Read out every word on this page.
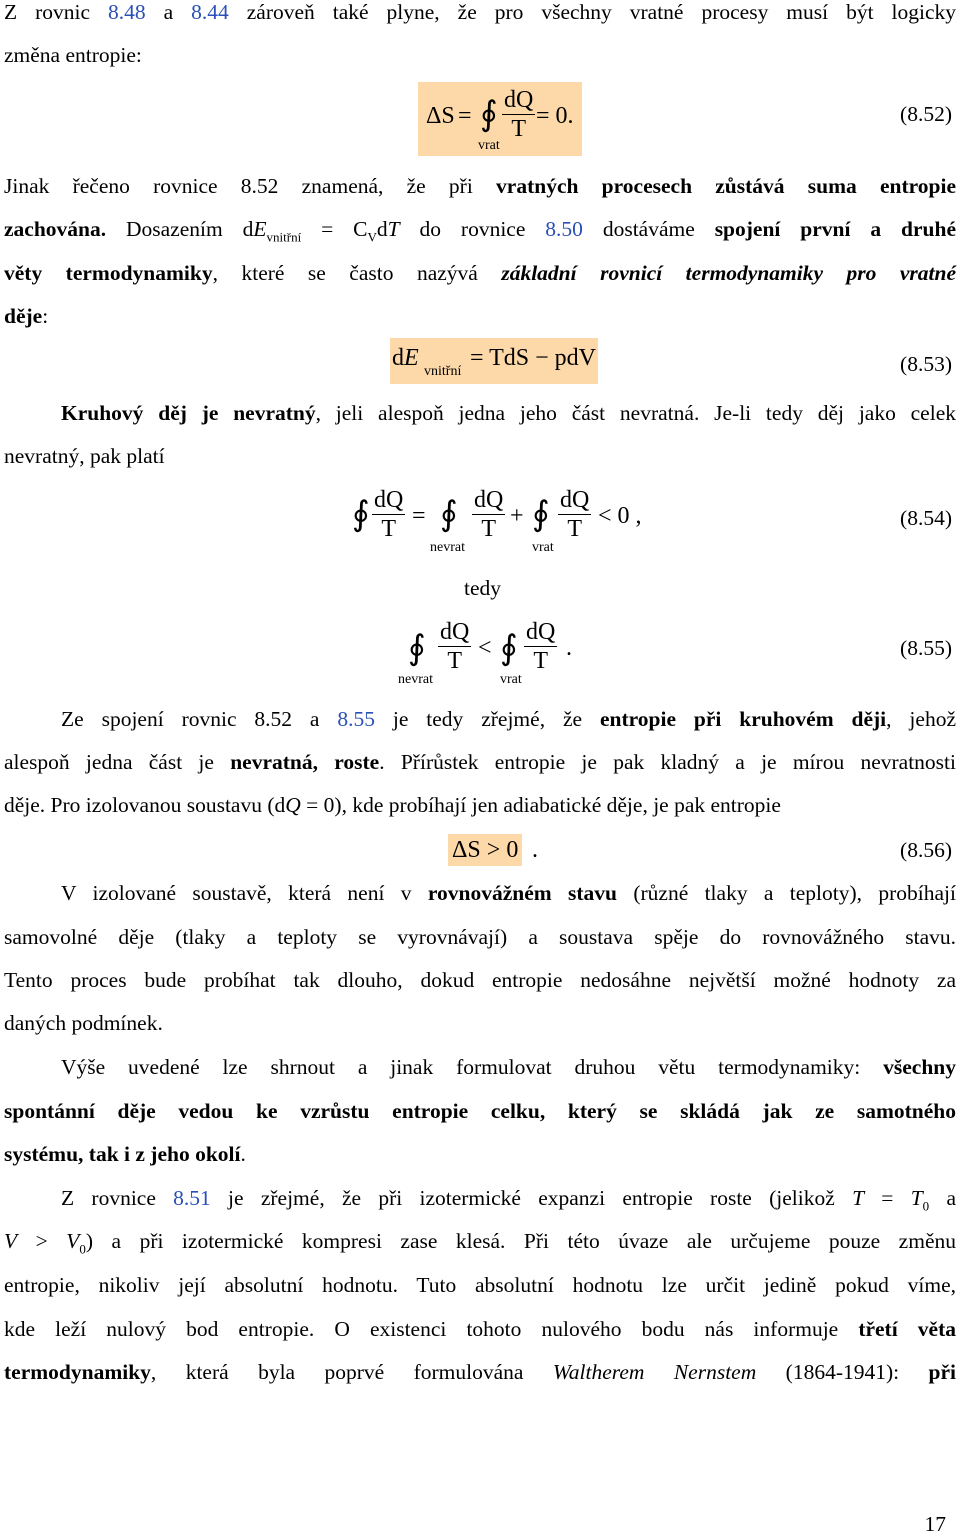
Z rovnic 8.48 a 8.44 zároveň také plyne, že pro všechny vratné procesy musí být logicky
změna entropie:
ΔS = ∮
vrat
$\frac{dQ}{T} = 0$.	(8.52)
Jinak řečeno rovnice 8.52 znamená, že při vratných procesech zůstává suma entropie
zachována. Dosazením $dE_{vnitřní} = C_VdT$ do rovnice 8.50 dostáváme spojení první a druhé
věty termodynamiky, které se často nazývá základní rovnicí termodynamiky pro vratné
děje:
dE
vnitřní
= TdS − pdV	(8.53)
Kruhový děj je nevratný, jeli alespoň jedna jeho část nevratná. Je-li tedy děj jako celek
nevratný, pak platí
∮ $\frac{dQ}{T}$ = ∮
nevrat
$\frac{dQ}{T}$ + ∮
vrat
$\frac{dQ}{T} < 0$ ,	(8.54)
tedy
∮
nevrat
$\frac{dQ}{T}$ < ∮
vrat
$\frac{dQ}{T}$ .	(8.55)
Ze spojení rovnic 8.52 a 8.55 je tedy zřejmé, že entropie při kruhovém ději, jehož
alespoň jedna část je nevratná, roste. Přírůstek entropie je pak kladný a je mírou nevratnosti
děje. Pro izolovanou soustavu (dQ = 0), kde probíhají jen adiabatické děje, je pak entropie
ΔS > 0 .	(8.56)
V izolované soustavě, která není v rovnovážném stavu (různé tlaky a teploty), probíhají
samovolné děje (tlaky a teploty se vyrovnávají) a soustava spěje do rovnovážného stavu.
Tento proces bude probíhat tak dlouho, dokud entropie nedosáhne největší možné hodnoty za
daných podmínek.
Výše uvedené lze shrnout a jinak formulovat druhou větu termodynamiky: všechny
spontánní děje vedou ke vzrůstu entropie celku, který se skládá jak ze samotného
systému, tak i z jeho okolí.
Z rovnice 8.51 je zřejmé, že při izotermické expanzi entropie roste (jelikož $T = T_0$ a
$V > V_0$) a při izotermické kompresi zase klesá. Při této úvaze ale určujeme pouze změnu
entropie, nikoliv její absolutní hodnotu. Tuto absolutní hodnotu lze určit jedině pokud víme,
kde leží nulový bod entropie. O existenci tohoto nulového bodu nás informuje třetí věta
termodynamiky, která byla poprvé formulována Waltherem Nernstem (1864-1941): při
17
